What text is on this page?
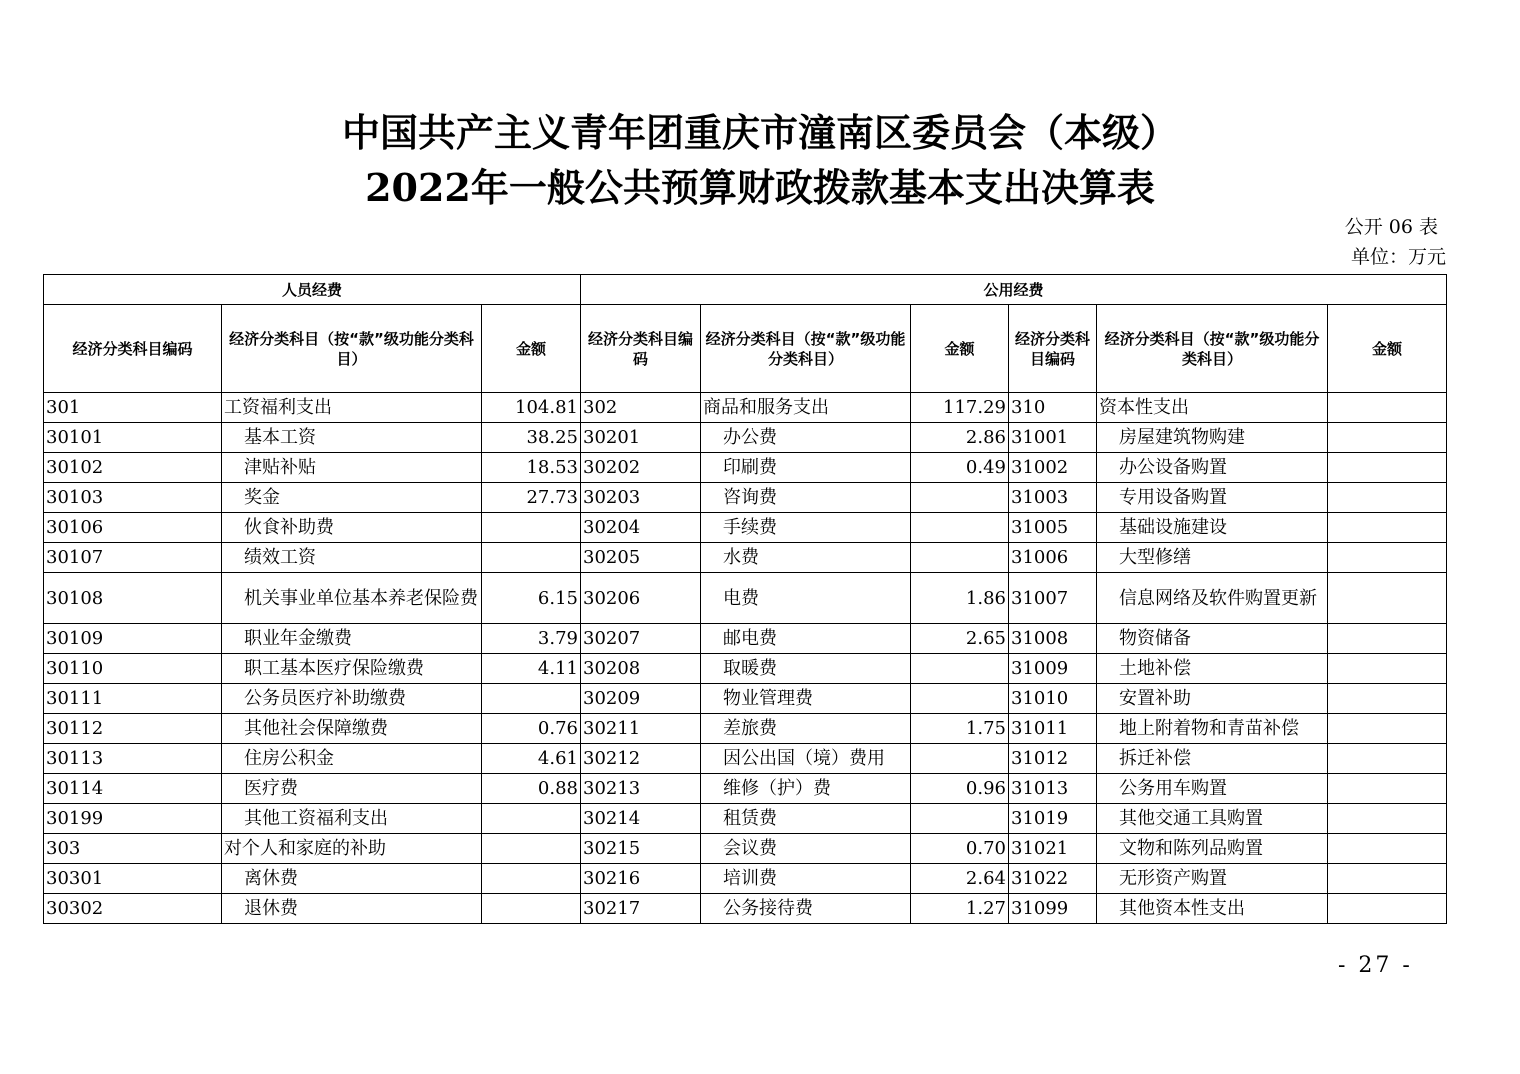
中国共产主义青年团重庆市潼南区委员会（本级）
2022年一般公共预算财政拨款基本支出决算表
公开 06 表
单位：万元
人员经费			公用经费					
经济分类科目编码	经济分类科目（按“款”级功能分类科目）	金额	经济分类科目编码	经济分类科目（按“款”级功能分类科目）	金额	经济分类科目编码	经济分类科目（按“款”级功能分类科目）	金额
301	工资福利支出	104.81	302	商品和服务支出	117.29	310	资本性支出	
30101	基本工资	38.25	30201	办公费	2.86	31001	房屋建筑物购建	
30102	津贴补贴	18.53	30202	印刷费	0.49	31002	办公设备购置	
30103	奖金	27.73	30203	咨询费		31003	专用设备购置	
30106	伙食补助费		30204	手续费		31005	基础设施建设	
30107	绩效工资		30205	水费		31006	大型修缮	
30108	机关事业单位基本养老保险费	6.15	30206	电费	1.86	31007	信息网络及软件购置更新	
30109	职业年金缴费	3.79	30207	邮电费	2.65	31008	物资储备	
30110	职工基本医疗保险缴费	4.11	30208	取暖费		31009	土地补偿	
30111	公务员医疗补助缴费		30209	物业管理费		31010	安置补助	
30112	其他社会保障缴费	0.76	30211	差旅费	1.75	31011	地上附着物和青苗补偿	
30113	住房公积金	4.61	30212	因公出国（境）费用		31012	拆迁补偿	
30114	医疗费	0.88	30213	维修（护）费	0.96	31013	公务用车购置	
30199	其他工资福利支出		30214	租赁费		31019	其他交通工具购置	
303	对个人和家庭的补助		30215	会议费	0.70	31021	文物和陈列品购置	
30301	离休费		30216	培训费	2.64	31022	无形资产购置	
30302	退休费		30217	公务接待费	1.27	31099	其他资本性支出	
- 27 -
